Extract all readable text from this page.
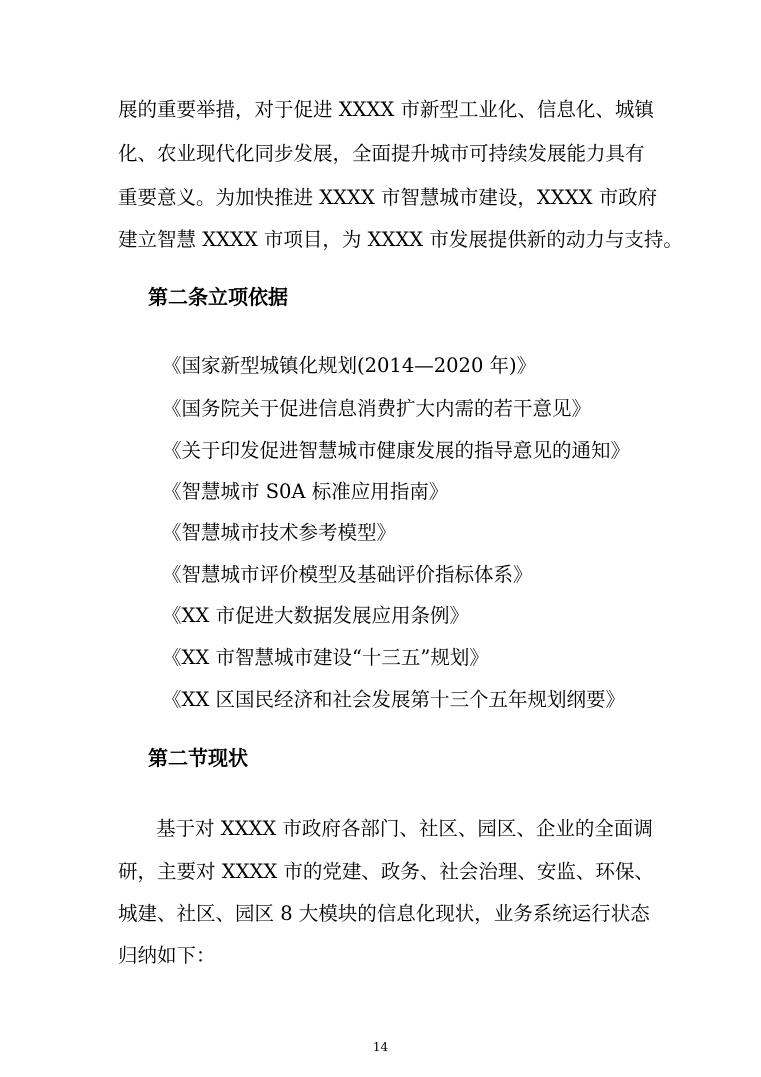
展的重要举措，对于促进 XXXX 市新型工业化、信息化、城镇
化、农业现代化同步发展，全面提升城市可持续发展能力具有
重要意义。为加快推进 XXXX 市智慧城市建设，XXXX 市政府
建立智慧 XXXX 市项目，为 XXXX 市发展提供新的动力与支持。
第二条立项依据
《国家新型城镇化规划(2014—2020 年)》
《国务院关于促进信息消费扩大内需的若干意见》
《关于印发促进智慧城市健康发展的指导意见的通知》
《智慧城市 S0A 标准应用指南》
《智慧城市技术参考模型》
《智慧城市评价模型及基础评价指标体系》
《XX 市促进大数据发展应用条例》
《XX 市智慧城市建设“十三五”规划》
《XX 区国民经济和社会发展第十三个五年规划纲要》
第二节现状
基于对 XXXX 市政府各部门、社区、园区、企业的全面调
研，主要对 XXXX 市的党建、政务、社会治理、安监、环保、
城建、社区、园区 8 大模块的信息化现状，业务系统运行状态
归纳如下：
14
